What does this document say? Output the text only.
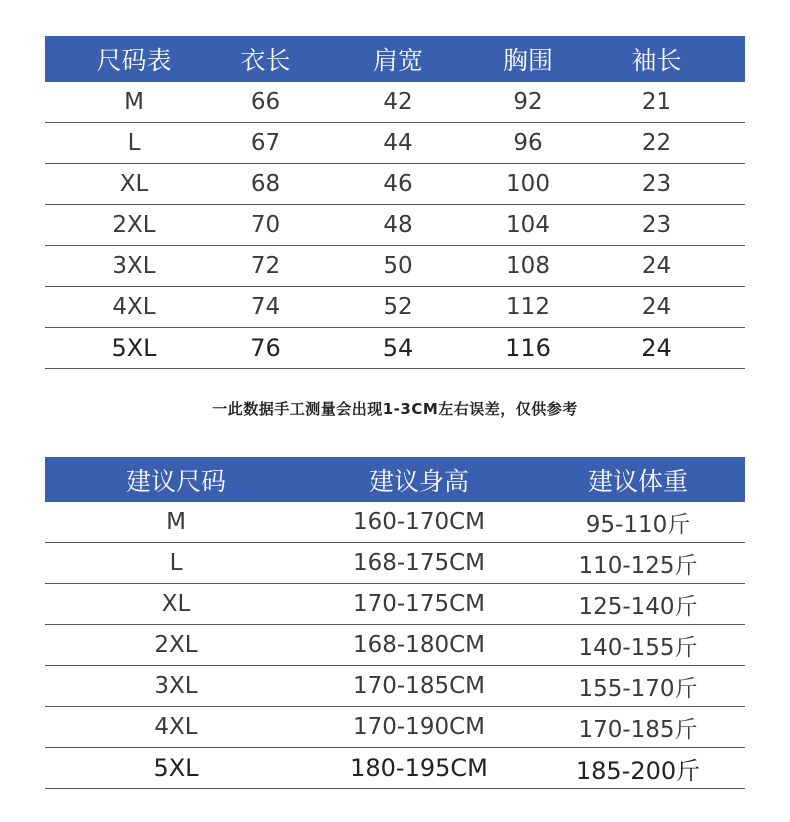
尺码表	衣长	肩宽	胸围	袖长
M	66	42	92	21
L	67	44	96	22
XL	68	46	100	23
2XL	70	48	104	23
3XL	72	50	108	24
4XL	74	52	112	24
5XL	76	54	116	24
一此数据手工测量会出现1-3CM左右误差，仅供参考
建议尺码	建议身高	建议体重
M	160-170CM	95-110斤
L	168-175CM	110-125斤
XL	170-175CM	125-140斤
2XL	168-180CM	140-155斤
3XL	170-185CM	155-170斤
4XL	170-190CM	170-185斤
5XL	180-195CM	185-200斤
